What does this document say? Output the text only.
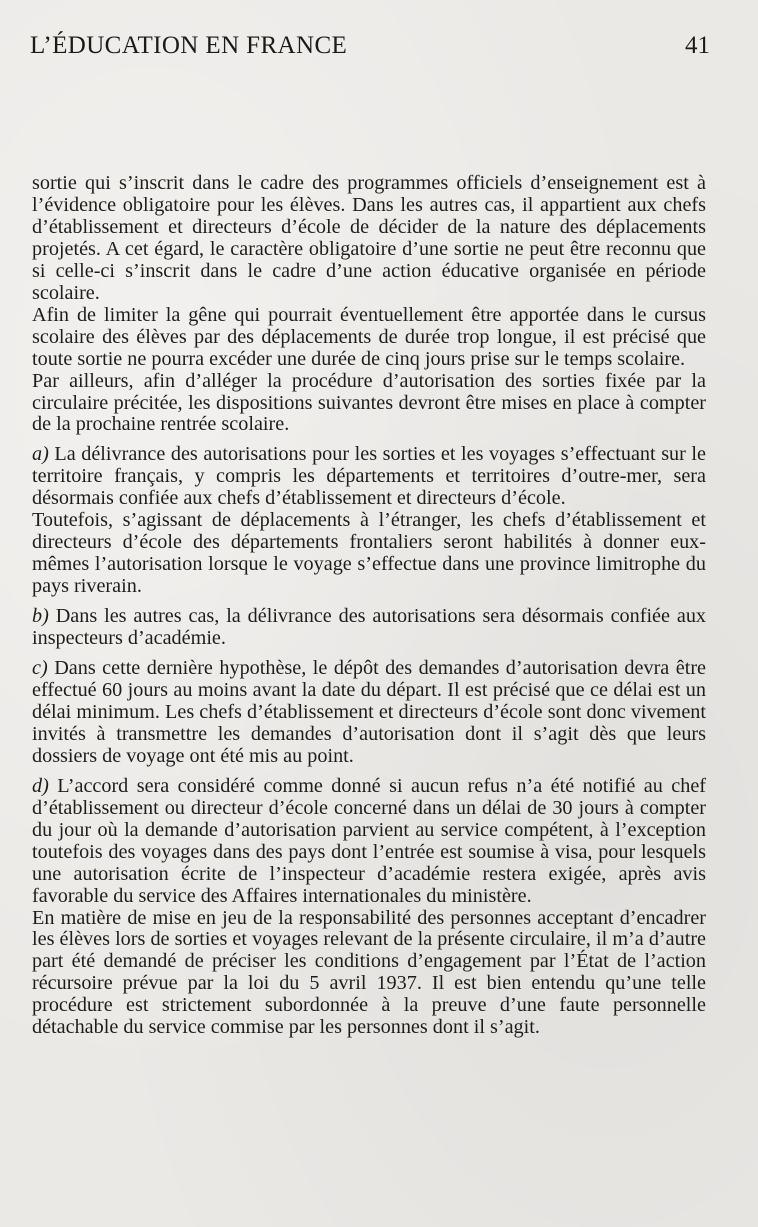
L’ÉDUCATION EN FRANCE	41

sortie qui s’inscrit dans le cadre des programmes officiels d’enseignement est à l’évidence obligatoire pour les élèves. Dans les autres cas, il appartient aux chefs d’établissement et directeurs d’école de décider de la nature des déplacements projetés. A cet égard, le caractère obligatoire d’une sortie ne peut être reconnu que si celle-ci s’inscrit dans le cadre d’une action éducative organisée en période scolaire.

Afin de limiter la gêne qui pourrait éventuellement être apportée dans le cursus scolaire des élèves par des déplacements de durée trop longue, il est précisé que toute sortie ne pourra excéder une durée de cinq jours prise sur le temps scolaire.

Par ailleurs, afin d’alléger la procédure d’autorisation des sorties fixée par la circulaire précitée, les dispositions suivantes devront être mises en place à compter de la prochaine rentrée scolaire.

a) La délivrance des autorisations pour les sorties et les voyages s’effectuant sur le territoire français, y compris les départements et territoires d’outre-mer, sera désormais confiée aux chefs d’établissement et directeurs d’école.

Toutefois, s’agissant de déplacements à l’étranger, les chefs d’établissement et directeurs d’école des départements frontaliers seront habilités à donner eux-mêmes l’autorisation lorsque le voyage s’effectue dans une province limitrophe du pays riverain.

b) Dans les autres cas, la délivrance des autorisations sera désormais confiée aux inspecteurs d’académie.

c) Dans cette dernière hypothèse, le dépôt des demandes d’autorisation devra être effectué 60 jours au moins avant la date du départ. Il est précisé que ce délai est un délai minimum. Les chefs d’établissement et directeurs d’école sont donc vivement invités à transmettre les demandes d’autorisation dont il s’agit dès que leurs dossiers de voyage ont été mis au point.

d) L’accord sera considéré comme donné si aucun refus n’a été notifié au chef d’établissement ou directeur d’école concerné dans un délai de 30 jours à compter du jour où la demande d’autorisation parvient au service compétent, à l’exception toutefois des voyages dans des pays dont l’entrée est soumise à visa, pour lesquels une autorisation écrite de l’inspecteur d’académie restera exigée, après avis favorable du service des Affaires internationales du ministère.

En matière de mise en jeu de la responsabilité des personnes acceptant d’encadrer les élèves lors de sorties et voyages relevant de la présente circulaire, il m’a d’autre part été demandé de préciser les conditions d’engagement par l’État de l’action récursoire prévue par la loi du 5 avril 1937. Il est bien entendu qu’une telle procédure est strictement subordonnée à la preuve d’une faute personnelle détachable du service commise par les personnes dont il s’agit.
